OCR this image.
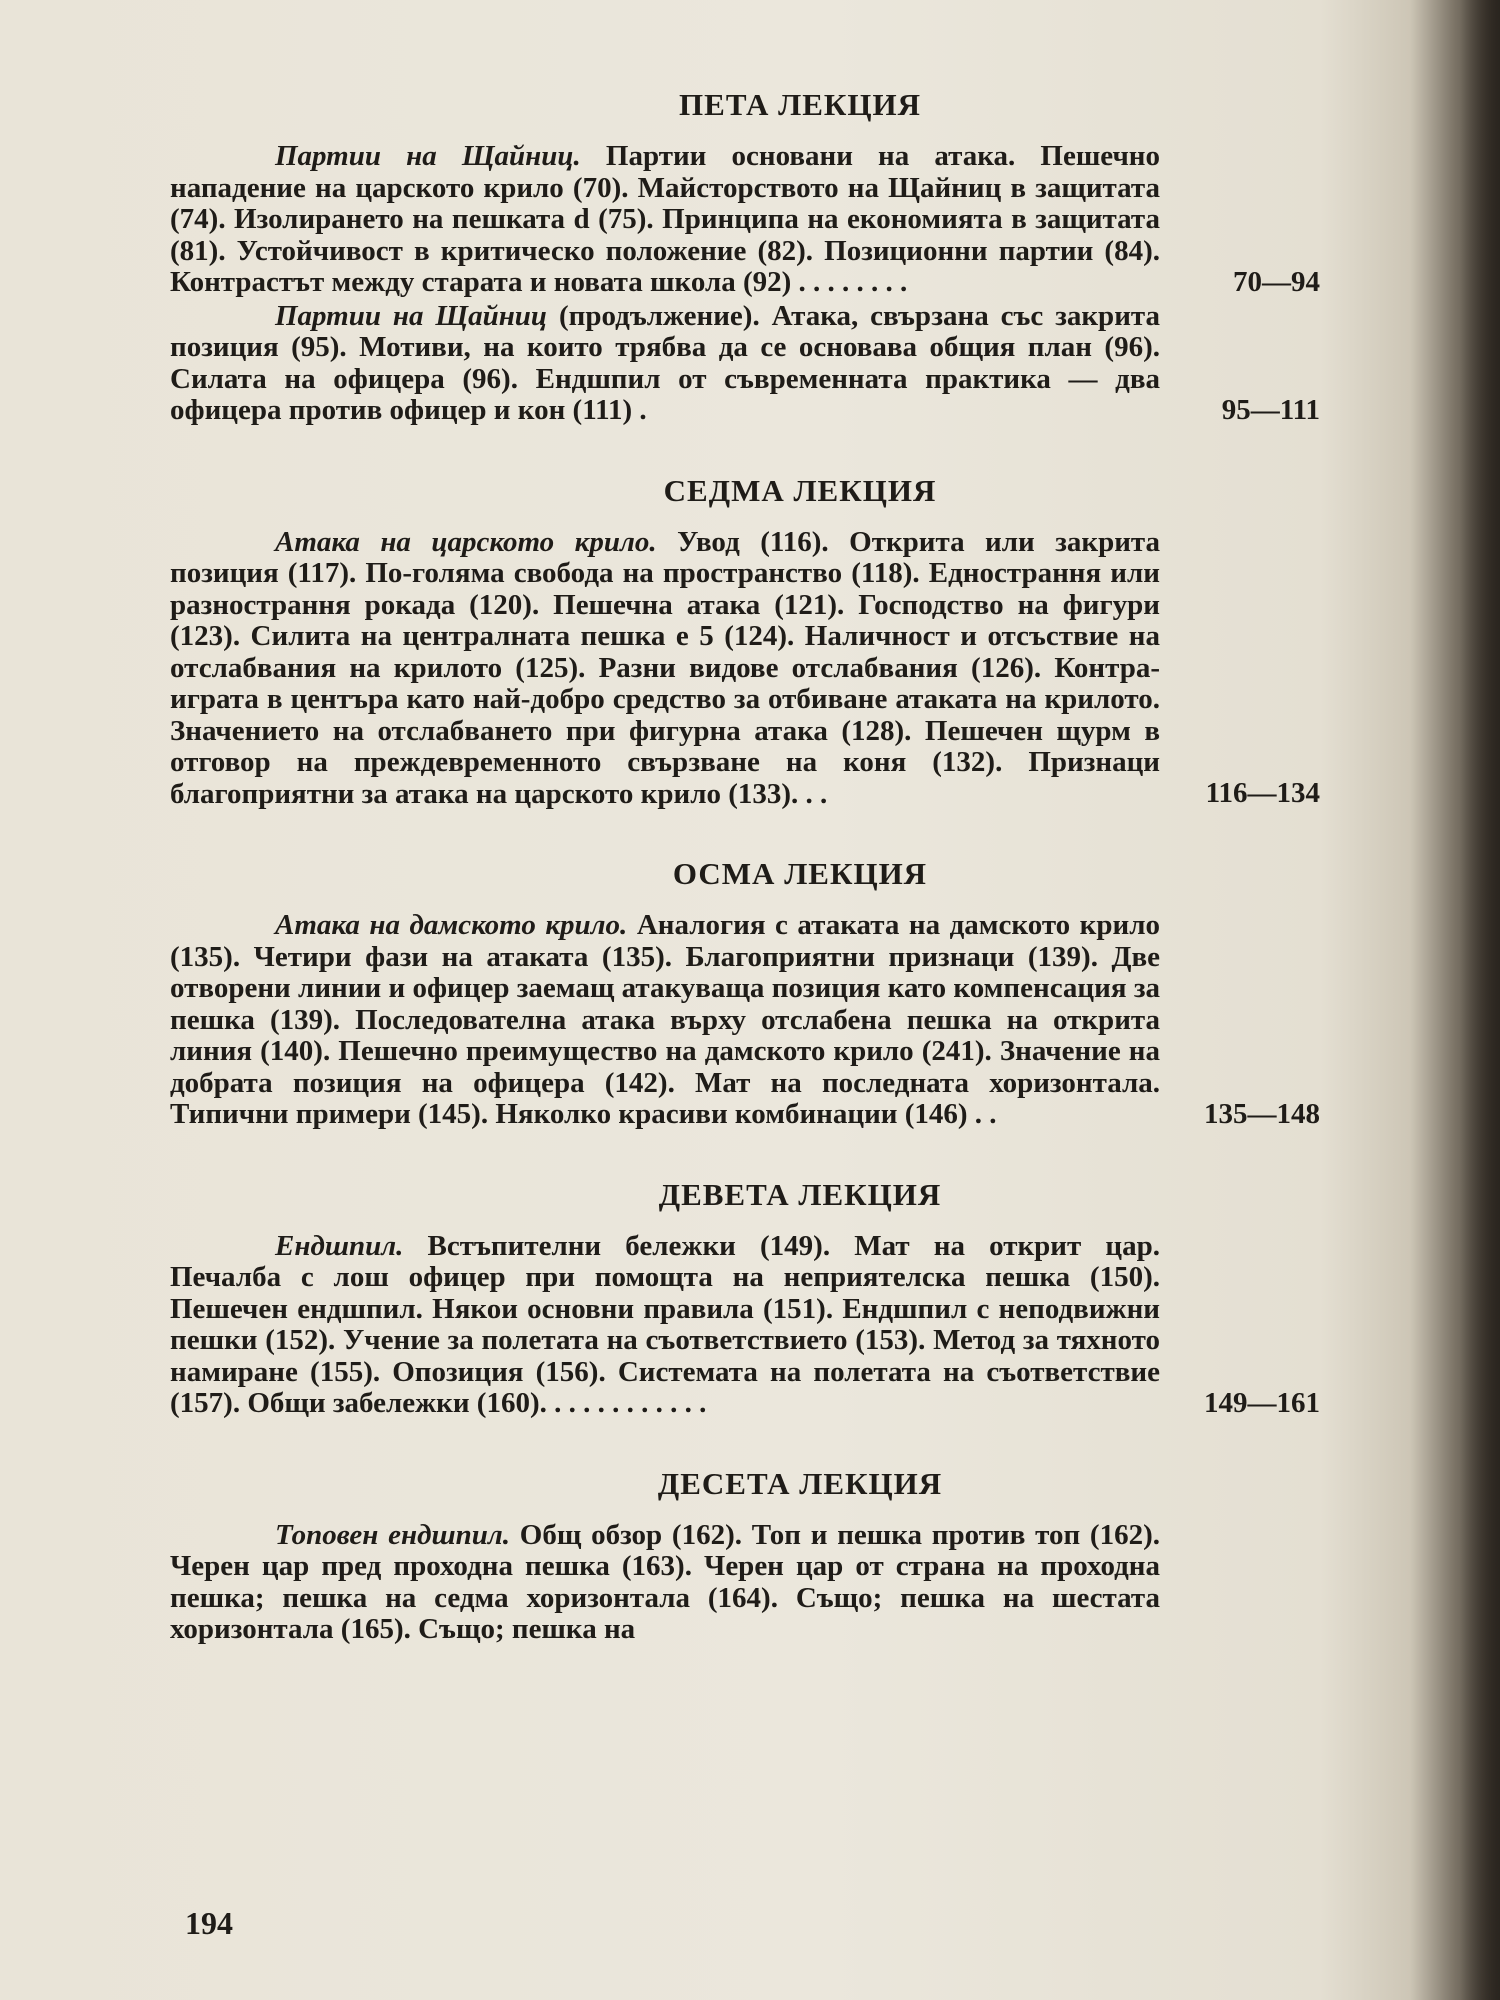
ПЕТА ЛЕКЦИЯ
Партии на Щайниц. Партии основани на атака. Пешечно нападение на царското крило (70). Майсторството на Щайниц в защитата (74). Изолирането на пешката d (75). Принципа на економията в защитата (81). Устойчивост в критическо положение (82). Позиционни партии (84). Контрастът между старата и новата школа (92) . . . . . . . .	70—94
Партии на Щайниц (продължение). Атака, свързана със закрита позиция (95). Мотиви, на които трябва да се основава общия план (96). Силата на офицера (96). Ендшпил от съвременната практика — два офицера против офицер и кон (111) .	95—111
СЕДМА ЛЕКЦИЯ
Атака на царското крило. Увод (116). Открита или закрита позиция (117). По-голяма свобода на пространство (118). Еднострання или разнострання рокада (120). Пешечна атака (121). Господство на фигури (123). Силита на централната пешка е 5 (124). Наличност и отсъствие на отслабвания на крилото (125). Разни видове отслабвания (126). Контра-играта в центъра като най-добро средство за отбиване атаката на крилото. Значението на отслабването при фигурна атака (128). Пешечен щурм в отговор на преждевременното свързване на коня (132). Признаци благоприятни за атака на царското крило (133). . .	116—134
ОСМА ЛЕКЦИЯ
Атака на дамското крило. Аналогия с атаката на дамското крило (135). Четири фази на атаката (135). Благоприятни признаци (139). Две отворени линии и офицер заемащ атакуваща позиция като компенсация за пешка (139). Последователна атака върху отслабена пешка на открита линия (140). Пешечно преимущество на дамското крило (241). Значение на добрата позиция на офицера (142). Мат на последната хоризонтала. Типични примери (145). Няколко красиви комбинации (146) . .	135—148
ДЕВЕТА ЛЕКЦИЯ
Ендшпил. Встъпителни бележки (149). Мат на открит цар. Печалба с лош офицер при помощта на неприятелска пешка (150). Пешечен ендшпил. Някои основни правила (151). Ендшпил с неподвижни пешки (152). Учение за полетата на съответствието (153). Метод за тяхното намиране (155). Опозиция (156). Системата на полетата на съответствие (157). Общи забележки (160). . . . . . . . . . . .	149—161
ДЕСЕТА ЛЕКЦИЯ
Топовен ендшпил. Общ обзор (162). Топ и пешка против топ (162). Черен цар пред проходна пешка (163). Черен цар от страна на проходна пешка; пешка на седма хоризонтала (164). Също; пешка на шестата хоризонтала (165). Също; пешка на
194
